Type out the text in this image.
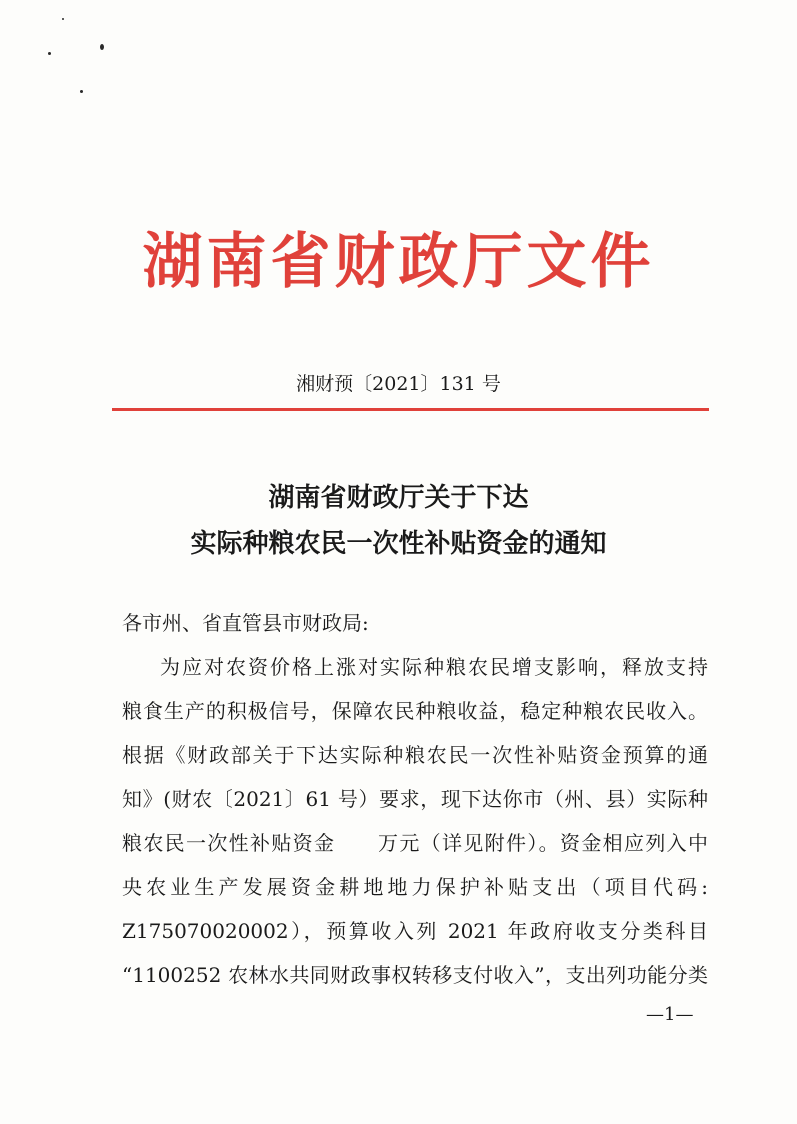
湖南省财政厅文件
湘财预〔2021〕131 号
湖南省财政厅关于下达
实际种粮农民一次性补贴资金的通知
各市州、省直管县市财政局:
为应对农资价格上涨对实际种粮农民增支影响，释放支持
粮食生产的积极信号，保障农民种粮收益，稳定种粮农民收入。
根据《财政部关于下达实际种粮农民一次性补贴资金预算的通
知》(财农〔2021〕61 号）要求，现下达你市（州、县）实际种
粮农民一次性补贴资金　　万元（详见附件）。资金相应列入中
央农业生产发展资金耕地地力保护补贴支出（项目代码:
Z175070020002），预算收入列 2021 年政府收支分类科目
“1100252 农林水共同财政事权转移支付收入”，支出列功能分类
—1—
